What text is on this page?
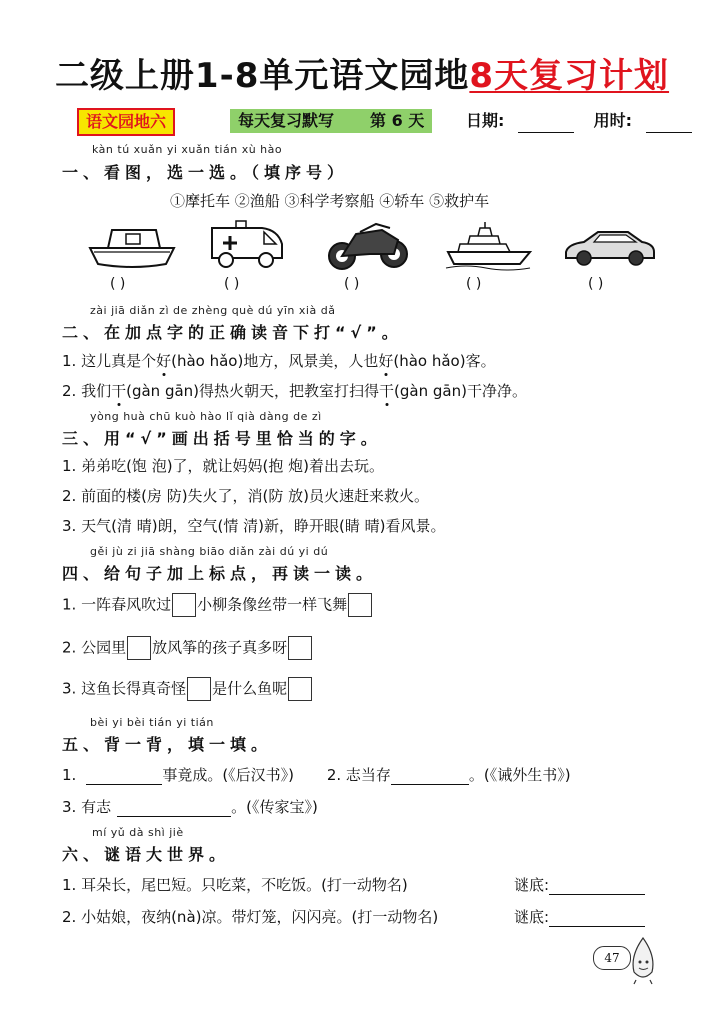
二级上册1-8单元语文园地8天复习计划
语文园地六	每天复习默写 第 6 天	日期:	用时:
kàn tú xuǎn yi xuǎn tián xù hào
一、看图，选一选。（填序号）
①摩托车 ②渔船 ③科学考察船 ④轿车 ⑤救护车
( )	( )	( )	( )	( )
zài jiā diǎn zì de zhèng què dú yīn xià dǎ
二、在加点字的正确读音下打“√”。
1. 这儿真是个好(hào hǎo)地方，风景美，人也好(hào hǎo)客。
2. 我们干(gàn gān)得热火朝天，把教室打扫得干(gàn gān)干净净。
yòng huà chū kuò hào lǐ qià dàng de zì
三、用“√”画出括号里恰当的字。
1. 弟弟吃(饱 泡)了，就让妈妈(抱 炮)着出去玩。
2. 前面的楼(房 防)失火了，消(防 放)员火速赶来救火。
3. 天气(清 晴)朗，空气(情 清)新，睁开眼(睛 晴)看风景。
gěi jù zi jiā shàng biāo diǎn zài dú yi dú
四、给句子加上标点，再读一读。
1. 一阵春风吹过 小柳条像丝带一样飞舞
2. 公园里 放风筝的孩子真多呀
3. 这鱼长得真奇怪 是什么鱼呢
bèi yi bèi tián yi tián
五、背一背，填一填。
1.	事竟成。(《后汉书》) 2. 志当存	。(《诫外生书》)
3. 有志	。(《传家宝》)
mí yǔ dà shì jiè
六、谜语大世界。
1. 耳朵长，尾巴短。只吃菜，不吃饭。(打一动物名)	谜底:
2. 小姑娘，夜纳(nà)凉。带灯笼，闪闪亮。(打一动物名)	谜底:
47
